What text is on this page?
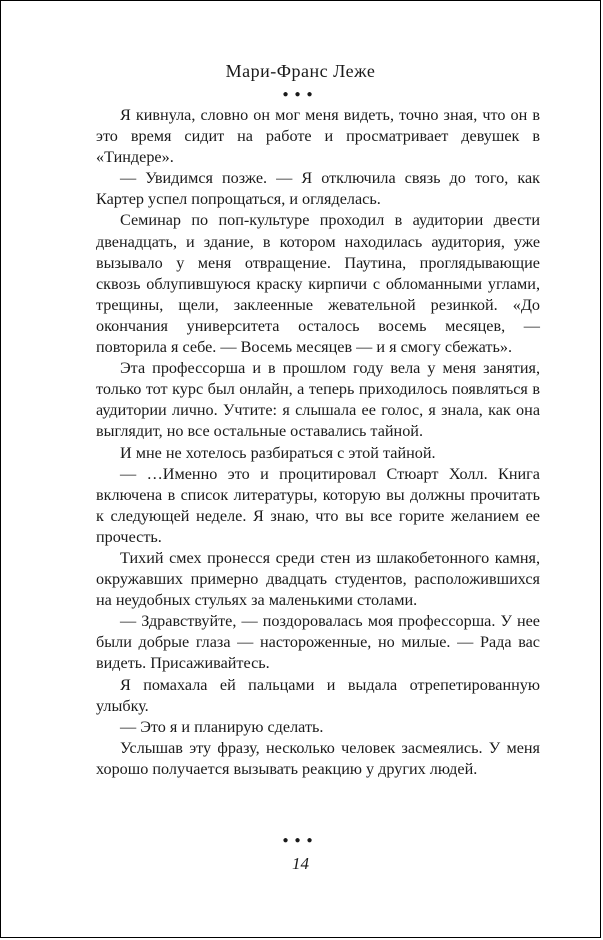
Мари-Франс Леже
●●●

Я кивнула, словно он мог меня видеть, точно зная, что он в это время сидит на работе и просматривает девушек в «Тиндере».

— Увидимся позже. — Я отключила связь до того, как Картер успел попрощаться, и огляделась.

Семинар по поп-культуре проходил в аудитории двести двенадцать, и здание, в котором находилась аудитория, уже вызывало у меня отвращение. Паутина, проглядывающие сквозь облупившуюся краску кирпичи с обломанными углами, трещины, щели, заклеенные жевательной резинкой. «До окончания университета осталось восемь месяцев, — повторила я себе. — Восемь месяцев — и я смогу сбежать».

Эта профессорша и в прошлом году вела у меня занятия, только тот курс был онлайн, а теперь приходилось появляться в аудитории лично. Учтите: я слышала ее голос, я знала, как она выглядит, но все остальные оставались тайной.

И мне не хотелось разбираться с этой тайной.

— …Именно это и процитировал Стюарт Холл. Книга включена в список литературы, которую вы должны прочитать к следующей неделе. Я знаю, что вы все горите желанием ее прочесть.

Тихий смех пронесся среди стен из шлакобетонного камня, окружавших примерно двадцать студентов, расположившихся на неудобных стульях за маленькими столами.

— Здравствуйте, — поздоровалась моя профессорша. У нее были добрые глаза — настороженные, но милые. — Рада вас видеть. Присаживайтесь.

Я помахала ей пальцами и выдала отрепетированную улыбку.

— Это я и планирую сделать.

Услышав эту фразу, несколько человек засмеялись. У меня хорошо получается вызывать реакцию у других людей.

●●●
14
